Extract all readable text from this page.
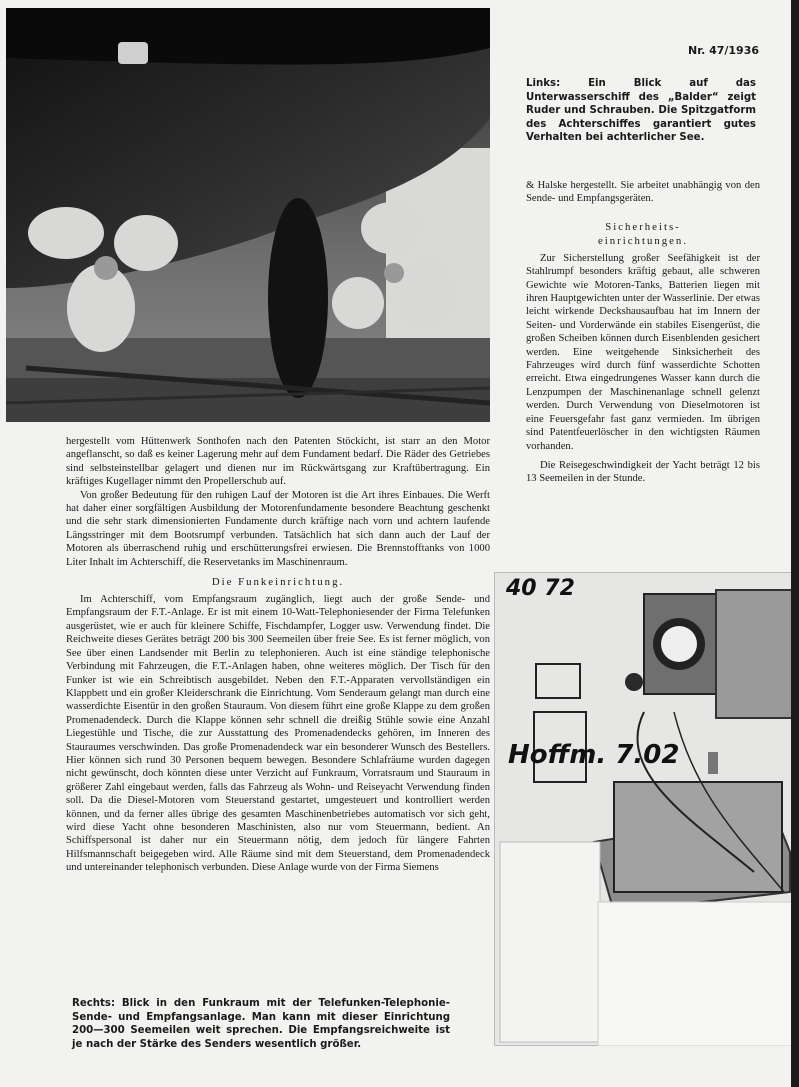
Nr. 47/1936
Links: Ein Blick auf das Unterwasserschiff des „Balder“ zeigt Ruder und Schrauben. Die Spitzgatform des Achterschiffes garantiert gutes Verhalten bei achterlicher See.

hergestellt vom Hüttenwerk Sonthofen nach den Patenten Stöckicht, ist starr an den Motor angeflanscht, so daß es keiner Lagerung mehr auf dem Fundament bedarf. Die Räder des Getriebes sind selbsteinstellbar gelagert und dienen nur im Rückwärtsgang zur Kraftübertragung. Ein kräftiges Kugellager nimmt den Propellerschub auf.

Von großer Bedeutung für den ruhigen Lauf der Motoren ist die Art ihres Einbaues. Die Werft hat daher einer sorgfältigen Ausbildung der Motorenfundamente besondere Beachtung geschenkt und die sehr stark dimensionierten Fundamente durch kräftige nach vorn und achtern laufende Längsstringer mit dem Bootsrumpf verbunden. Tatsächlich hat sich dann auch der Lauf der Motoren als überraschend ruhig und erschütterungsfrei erwiesen. Die Brennstofftanks von 1000 Liter Inhalt im Achterschiff, die Reservetanks im Maschinenraum.

Die Funkeinrichtung.

Im Achterschiff, vom Empfangsraum zugänglich, liegt auch der große Sende- und Empfangsraum der F.T.-Anlage. Er ist mit einem 10-Watt-Telephoniesender der Firma Telefunken ausgerüstet, wie er auch für kleinere Schiffe, Fischdampfer, Logger usw. Verwendung findet. Die Reichweite dieses Gerätes beträgt 200 bis 300 Seemeilen über freie See. Es ist ferner möglich, von See über einen Landsender mit Berlin zu telephonieren. Auch ist eine ständige telephonische Verbindung mit Fahrzeugen, die F.T.-Anlagen haben, ohne weiteres möglich. Der Tisch für den Funker ist wie ein Schreibtisch ausgebildet. Neben den F.T.-Apparaten vervollständigen ein Klappbett und ein großer Kleiderschrank die Einrichtung. Vom Senderaum gelangt man durch eine wasserdichte Eisentür in den großen Stauraum. Von diesem führt eine große Klappe zu dem großen Promenadendeck. Durch die Klappe können sehr schnell die dreißig Stühle sowie eine Anzahl Liegestühle und Tische, die zur Ausstattung des Promenadendecks gehören, im Inneren des Stauraumes verschwinden. Das große Promenadendeck war ein besonderer Wunsch des Bestellers. Hier können sich rund 30 Personen bequem bewegen. Besondere Schlafräume wurden dagegen nicht gewünscht, doch könnten diese unter Verzicht auf Funkraum, Vorratsraum und Stauraum in größerer Zahl eingebaut werden, falls das Fahrzeug als Wohn- und Reiseyacht Verwendung finden soll. Da die Diesel-Motoren vom Steuerstand gestartet, umgesteuert und kontrolliert werden können, und da ferner alles übrige des gesamten Maschinenbetriebes automatisch vor sich geht, wird diese Yacht ohne besonderen Maschinisten, also nur vom Steuermann, bedient. An Schiffspersonal ist daher nur ein Steuermann nötig, dem jedoch für längere Fahrten Hilfsmannschaft beigegeben wird. Alle Räume sind mit dem Steuerstand, dem Promenadendeck und untereinander telephonisch verbunden. Diese Anlage wurde von der Firma Siemens

& Halske hergestellt. Sie arbeitet unabhängig von den Sende- und Empfangsgeräten.

Sicherheits-
einrichtungen.

Zur Sicherstellung großer Seefähigkeit ist der Stahlrumpf besonders kräftig gebaut, alle schweren Gewichte wie Motoren-Tanks, Batterien liegen mit ihren Hauptgewichten unter der Wasserlinie. Der etwas leicht wirkende Deckshausaufbau hat im Innern der Seiten- und Vorderwände ein stabiles Eisengerüst, die großen Scheiben können durch Eisenblenden gesichert werden. Eine weitgehende Sinksicherheit des Fahrzeuges wird durch fünf wasserdichte Schotten erreicht. Etwa eingedrungenes Wasser kann durch die Lenzpumpen der Maschinenanlage schnell gelenzt werden. Durch Verwendung von Dieselmotoren ist eine Feuersgefahr fast ganz vermieden. Im übrigen sind Patentfeuerlöscher in den wichtigsten Räumen vorhanden.

Die Reisegeschwindigkeit der Yacht beträgt 12 bis 13 Seemeilen in der Stunde.

40 72
Hoffm. 7.02
Rechts: Blick in den Funkraum mit der Telefunken-Telephonie-Sende- und Empfangsanlage. Man kann mit dieser Einrichtung 200—300 Seemeilen weit sprechen. Die Empfangsreichweite ist je nach der Stärke des Senders wesentlich größer.
